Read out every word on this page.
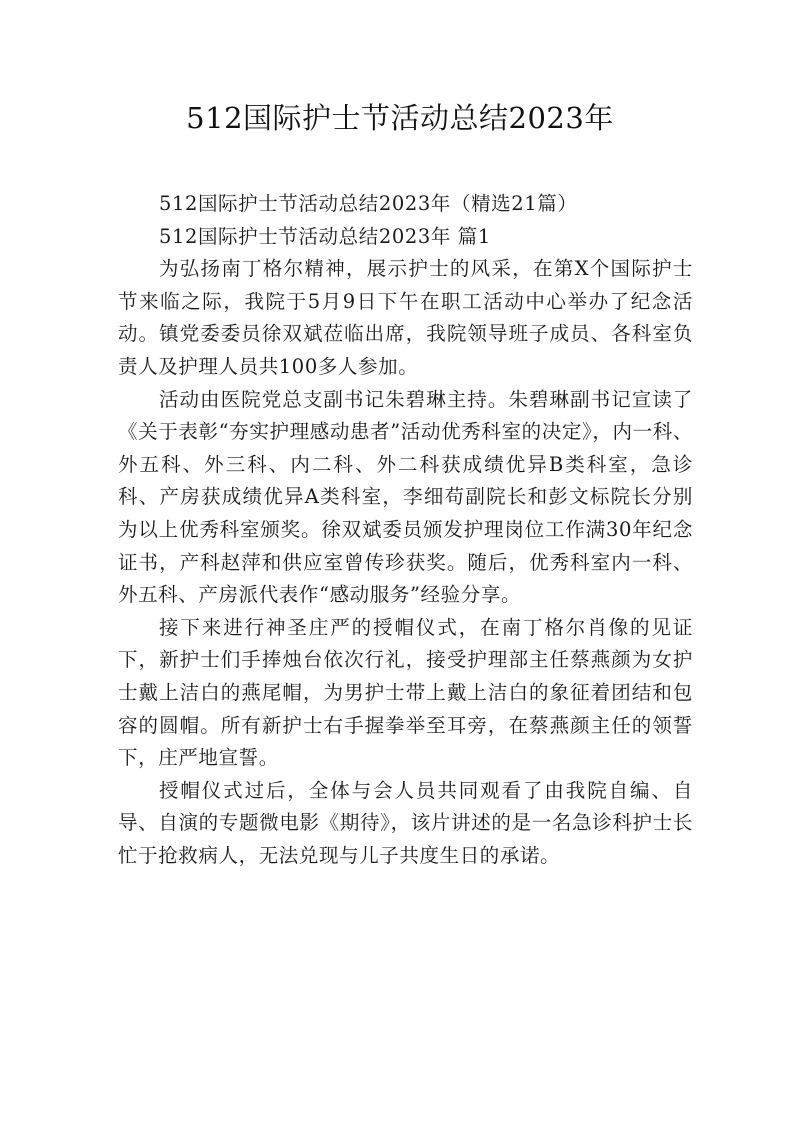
512国际护士节活动总结2023年

512国际护士节活动总结2023年（精选21篇）

512国际护士节活动总结2023年 篇1

为弘扬南丁格尔精神，展示护士的风采，在第X个国际护士节来临之际，我院于5月9日下午在职工活动中心举办了纪念活动。镇党委委员徐双斌莅临出席，我院领导班子成员、各科室负责人及护理人员共100多人参加。

活动由医院党总支副书记朱碧琳主持。朱碧琳副书记宣读了《关于表彰“夯实护理感动患者”活动优秀科室的决定》，内一科、外五科、外三科、内二科、外二科获成绩优异B类科室，急诊科、产房获成绩优异A类科室，李细苟副院长和彭文标院长分别为以上优秀科室颁奖。徐双斌委员颁发护理岗位工作满30年纪念证书，产科赵萍和供应室曾传珍获奖。随后，优秀科室内一科、外五科、产房派代表作“感动服务”经验分享。

接下来进行神圣庄严的授帽仪式，在南丁格尔肖像的见证下，新护士们手捧烛台依次行礼，接受护理部主任蔡燕颜为女护士戴上洁白的燕尾帽，为男护士带上戴上洁白的象征着团结和包容的圆帽。所有新护士右手握拳举至耳旁，在蔡燕颜主任的领誓下，庄严地宣誓。

授帽仪式过后，全体与会人员共同观看了由我院自编、自导、自演的专题微电影《期待》，该片讲述的是一名急诊科护士长忙于抢救病人，无法兑现与儿子共度生日的承诺。
